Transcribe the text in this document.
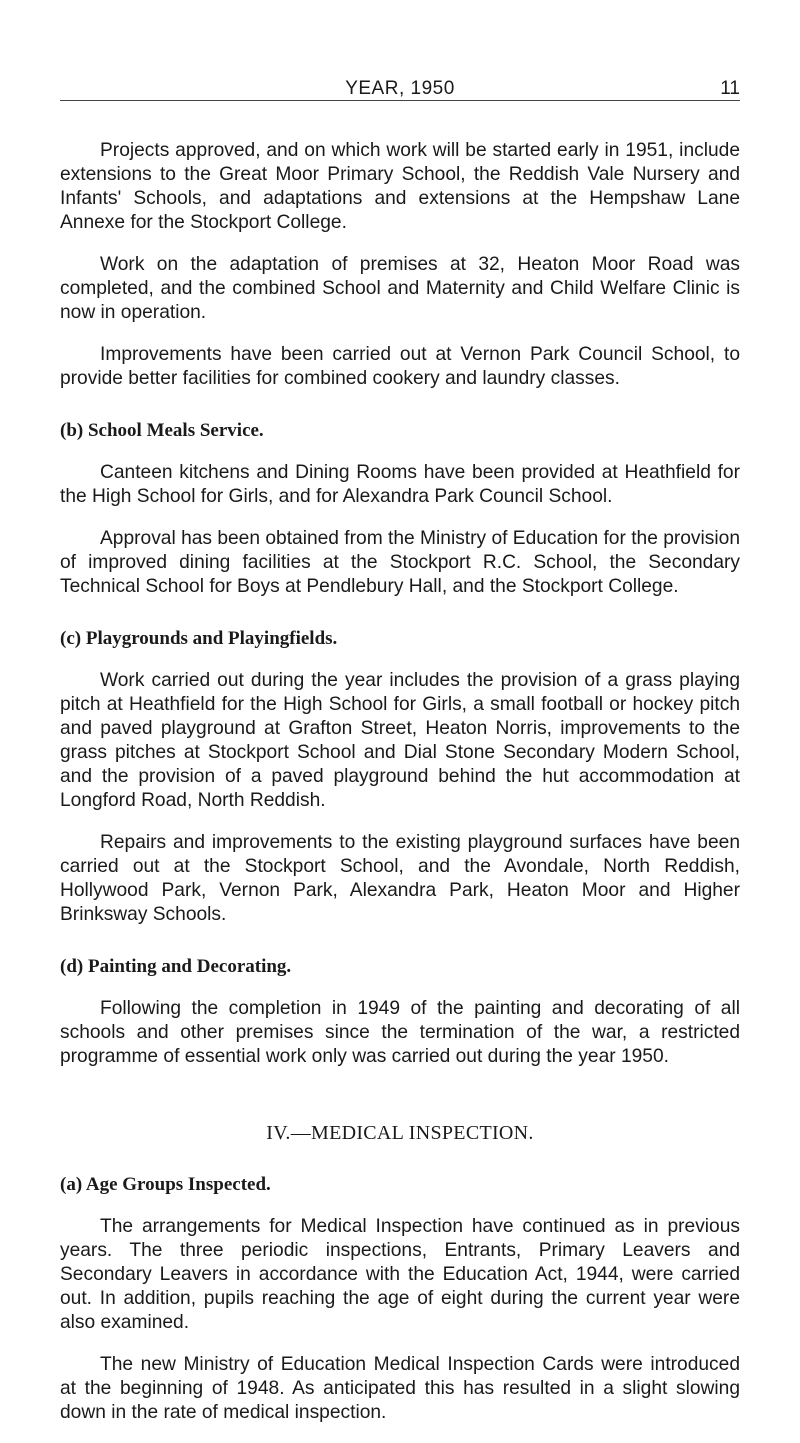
YEAR, 1950	11

Projects approved, and on which work will be started early in 1951, include extensions to the Great Moor Primary School, the Reddish Vale Nursery and Infants' Schools, and adaptations and extensions at the Hempshaw Lane Annexe for the Stockport College.

Work on the adaptation of premises at 32, Heaton Moor Road was completed, and the combined School and Maternity and Child Welfare Clinic is now in operation.

Improvements have been carried out at Vernon Park Council School, to provide better facilities for combined cookery and laundry classes.

(b) School Meals Service.

Canteen kitchens and Dining Rooms have been provided at Heathfield for the High School for Girls, and for Alexandra Park Council School.

Approval has been obtained from the Ministry of Education for the provision of improved dining facilities at the Stockport R.C. School, the Secondary Technical School for Boys at Pendlebury Hall, and the Stockport College.

(c) Playgrounds and Playingfields.

Work carried out during the year includes the provision of a grass playing pitch at Heathfield for the High School for Girls, a small football or hockey pitch and paved playground at Grafton Street, Heaton Norris, improvements to the grass pitches at Stockport School and Dial Stone Secondary Modern School, and the provision of a paved playground behind the hut accommodation at Longford Road, North Reddish.

Repairs and improvements to the existing playground surfaces have been carried out at the Stockport School, and the Avondale, North Reddish, Hollywood Park, Vernon Park, Alexandra Park, Heaton Moor and Higher Brinksway Schools.

(d) Painting and Decorating.

Following the completion in 1949 of the painting and decorating of all schools and other premises since the termination of the war, a restricted programme of essential work only was carried out during the year 1950.

IV.—MEDICAL INSPECTION.
(a) Age Groups Inspected.

The arrangements for Medical Inspection have continued as in previous years. The three periodic inspections, Entrants, Primary Leavers and Secondary Leavers in accordance with the Education Act, 1944, were carried out. In addition, pupils reaching the age of eight during the current year were also examined.

The new Ministry of Education Medical Inspection Cards were introduced at the beginning of 1948. As anticipated this has resulted in a slight slowing down in the rate of medical inspection.
